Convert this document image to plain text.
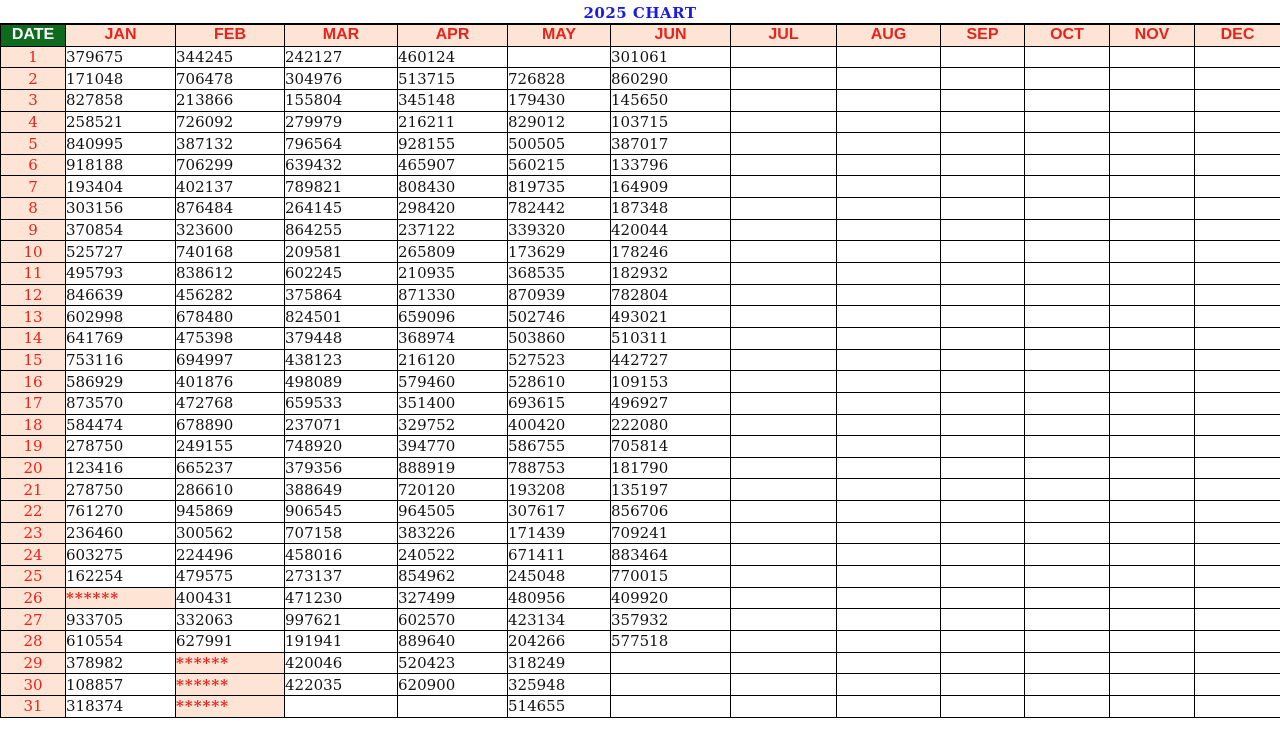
2025 CHART
DATE	JAN	FEB	MAR	APR	MAY	JUN	JUL	AUG	SEP	OCT	NOV	DEC
1	379675	344245	242127	460124		301061						
2	171048	706478	304976	513715	726828	860290						
3	827858	213866	155804	345148	179430	145650						
4	258521	726092	279979	216211	829012	103715						
5	840995	387132	796564	928155	500505	387017						
6	918188	706299	639432	465907	560215	133796						
7	193404	402137	789821	808430	819735	164909						
8	303156	876484	264145	298420	782442	187348						
9	370854	323600	864255	237122	339320	420044						
10	525727	740168	209581	265809	173629	178246						
11	495793	838612	602245	210935	368535	182932						
12	846639	456282	375864	871330	870939	782804						
13	602998	678480	824501	659096	502746	493021						
14	641769	475398	379448	368974	503860	510311						
15	753116	694997	438123	216120	527523	442727						
16	586929	401876	498089	579460	528610	109153						
17	873570	472768	659533	351400	693615	496927						
18	584474	678890	237071	329752	400420	222080						
19	278750	249155	748920	394770	586755	705814						
20	123416	665237	379356	888919	788753	181790						
21	278750	286610	388649	720120	193208	135197						
22	761270	945869	906545	964505	307617	856706						
23	236460	300562	707158	383226	171439	709241						
24	603275	224496	458016	240522	671411	883464						
25	162254	479575	273137	854962	245048	770015						
26	******	400431	471230	327499	480956	409920						
27	933705	332063	997621	602570	423134	357932						
28	610554	627991	191941	889640	204266	577518						
29	378982	******	420046	520423	318249							
30	108857	******	422035	620900	325948							
31	318374	******			514655							
